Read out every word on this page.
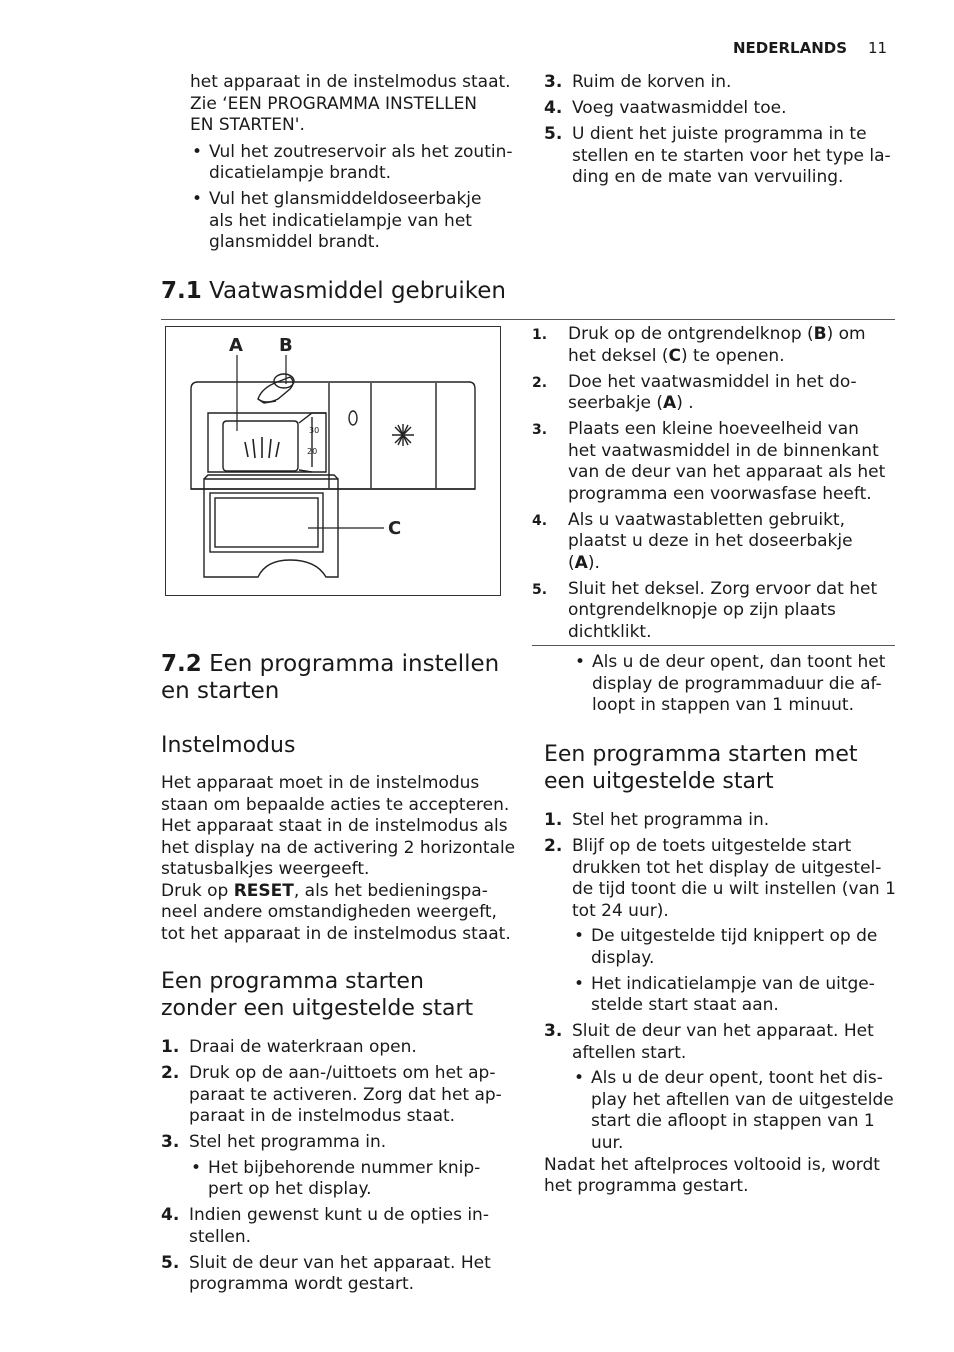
NEDERLANDS 11
het apparaat in de instelmodus staat.
Zie ‘EEN PROGRAMMA INSTELLEN
EN STARTEN'.
• Vul het zoutreservoir als het zoutin-
dicatielampje brandt.
• Vul het glansmiddeldoseerbakje
als het indicatielampje van het
glansmiddel brandt.
3. Ruim de korven in.
4. Voeg vaatwasmiddel toe.
5. U dient het juiste programma in te
stellen en te starten voor het type la-
ding en de mate van vervuiling.
7.1 Vaatwasmiddel gebruiken
30
20
A B
C
1. Druk op de ontgrendelknop (B) om
het deksel (C) te openen.
2. Doe het vaatwasmiddel in het do-
seerbakje (A) .
3. Plaats een kleine hoeveelheid van
het vaatwasmiddel in de binnenkant
van de deur van het apparaat als het
programma een voorwasfase heeft.
4. Als u vaatwastabletten gebruikt,
plaatst u deze in het doseerbakje
(A).
5. Sluit het deksel. Zorg ervoor dat het
ontgrendelknopje op zijn plaats
dichtklikt.
7.2 Een programma instellen
en starten
Instelmodus
Het apparaat moet in de instelmodus
staan om bepaalde acties te accepteren.
Het apparaat staat in de instelmodus als
het display na de activering 2 horizontale
statusbalkjes weergeeft.
Druk op RESET, als het bedieningspa-
neel andere omstandigheden weergeft,
tot het apparaat in de instelmodus staat.
Een programma starten
zonder een uitgestelde start
1. Draai de waterkraan open.
2. Druk op de aan-/uittoets om het ap-
paraat te activeren. Zorg dat het ap-
paraat in de instelmodus staat.
3. Stel het programma in.
• Het bijbehorende nummer knip-
pert op het display.
4. Indien gewenst kunt u de opties in-
stellen.
5. Sluit de deur van het apparaat. Het
programma wordt gestart.
• Als u de deur opent, dan toont het
display de programmaduur die af-
loopt in stappen van 1 minuut.
Een programma starten met
een uitgestelde start
1. Stel het programma in.
2. Blijf op de toets uitgestelde start
drukken tot het display de uitgestel-
de tijd toont die u wilt instellen (van 1
tot 24 uur).
• De uitgestelde tijd knippert op de
display.
• Het indicatielampje van de uitge-
stelde start staat aan.
3. Sluit de deur van het apparaat. Het
aftellen start.
• Als u de deur opent, toont het dis-
play het aftellen van de uitgestelde
start die afloopt in stappen van 1
uur.
Nadat het aftelproces voltooid is, wordt
het programma gestart.
